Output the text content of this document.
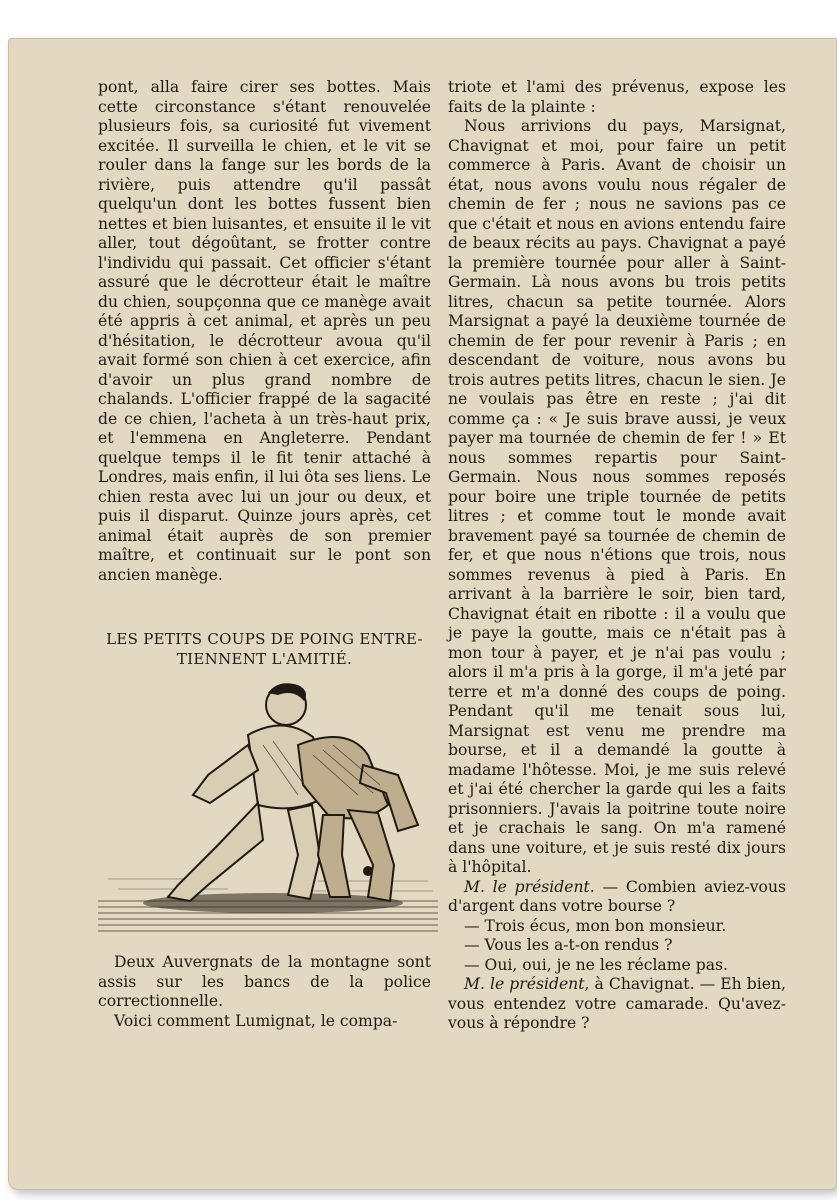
pont, alla faire cirer ses bottes. Mais cette circonstance s'étant renouvelée plusieurs fois, sa curiosité fut vivement excitée. Il surveilla le chien, et le vit se rouler dans la fange sur les bords de la rivière, puis attendre qu'il passât quelqu'un dont les bottes fussent bien nettes et bien luisantes, et ensuite il le vit aller, tout dégoûtant, se frotter contre l'individu qui passait. Cet officier s'étant assuré que le décrotteur était le maître du chien, soupçonna que ce manège avait été appris à cet animal, et après un peu d'hésitation, le décrotteur avoua qu'il avait formé son chien à cet exercice, afin d'avoir un plus grand nombre de chalands. L'officier frappé de la sagacité de ce chien, l'acheta à un très-haut prix, et l'emmena en Angleterre. Pendant quelque temps il le fit tenir attaché à Londres, mais enfin, il lui ôta ses liens. Le chien resta avec lui un jour ou deux, et puis il disparut. Quinze jours après, cet animal était auprès de son premier maître, et continuait sur le pont son ancien manège.

LES PETITS COUPS DE POING ENTRE-
TIENNENT L'AMITIÉ.

Deux Auvergnats de la montagne sont assis sur les bancs de la police correctionnelle.

Voici comment Lumignat, le compa-

triote et l'ami des prévenus, expose les faits de la plainte :

Nous arrivions du pays, Marsignat, Chavignat et moi, pour faire un petit commerce à Paris. Avant de choisir un état, nous avons voulu nous régaler de chemin de fer ; nous ne savions pas ce que c'était et nous en avions entendu faire de beaux récits au pays. Chavignat a payé la première tournée pour aller à Saint-Germain. Là nous avons bu trois petits litres, chacun sa petite tournée. Alors Marsignat a payé la deuxième tournée de chemin de fer pour revenir à Paris ; en descendant de voiture, nous avons bu trois autres petits litres, chacun le sien. Je ne voulais pas être en reste ; j'ai dit comme ça : « Je suis brave aussi, je veux payer ma tournée de chemin de fer ! » Et nous sommes repartis pour Saint-Germain. Nous nous sommes reposés pour boire une triple tournée de petits litres ; et comme tout le monde avait bravement payé sa tournée de chemin de fer, et que nous n'étions que trois, nous sommes revenus à pied à Paris. En arrivant à la barrière le soir, bien tard, Chavignat était en ribotte : il a voulu que je paye la goutte, mais ce n'était pas à mon tour à payer, et je n'ai pas voulu ; alors il m'a pris à la gorge, il m'a jeté par terre et m'a donné des coups de poing. Pendant qu'il me tenait sous lui, Marsignat est venu me prendre ma bourse, et il a demandé la goutte à madame l'hôtesse. Moi, je me suis relevé et j'ai été chercher la garde qui les a faits prisonniers. J'avais la poitrine toute noire et je crachais le sang. On m'a ramené dans une voiture, et je suis resté dix jours à l'hôpital.

M. le président. — Combien aviez-vous d'argent dans votre bourse ?

— Trois écus, mon bon monsieur.

— Vous les a-t-on rendus ?

— Oui, oui, je ne les réclame pas.

M. le président, à Chavignat. — Eh bien, vous entendez votre camarade. Qu'avez-vous à répondre ?
